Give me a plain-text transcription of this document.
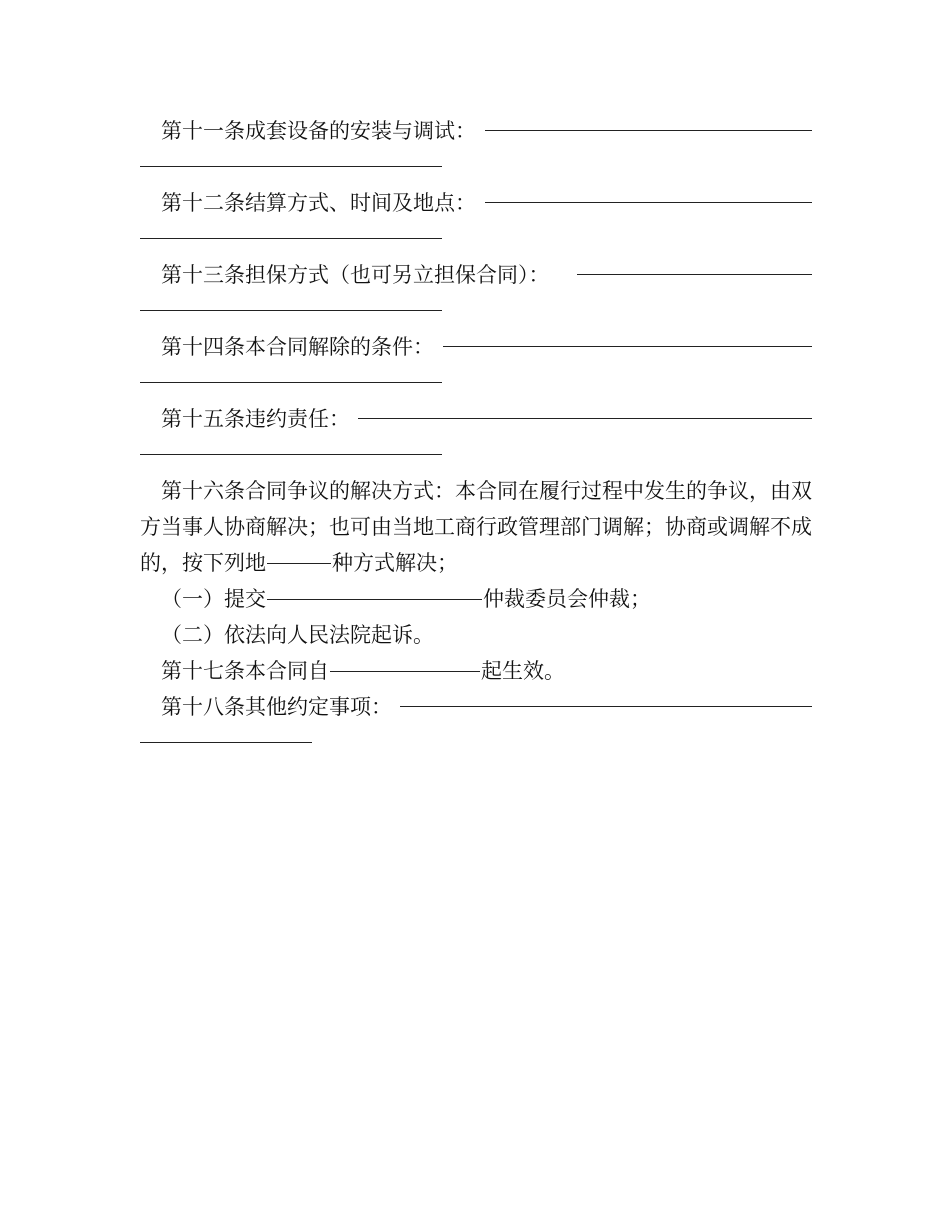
第十一条成套设备的安装与调试：
第十二条结算方式、时间及地点：
第十三条担保方式（也可另立担保合同）：
第十四条本合同解除的条件：
第十五条违约责任：

第十六条合同争议的解决方式：本合同在履行过程中发生的争议，由双方当事人协商解决；也可由当地工商行政管理部门调解；协商或调解不成的，按下列地	种方式解决；

（一）提交	仲裁委员会仲裁；

（二）依法向人民法院起诉。

第十七条本合同自	起生效。

第十八条其他约定事项：
